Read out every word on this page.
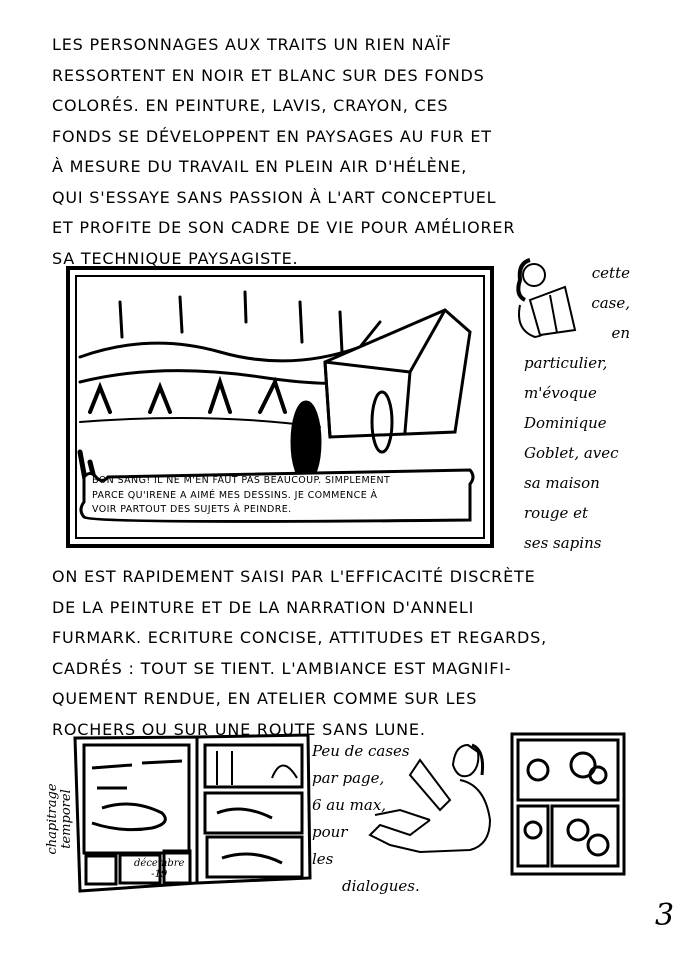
LES PERSONNAGES AUX TRAITS UN RIEN NAÏF
RESSORTENT EN NOIR ET BLANC SUR DES FONDS
COLORÉS. EN PEINTURE, LAVIS, CRAYON, CES
FONDS SE DÉVELOPPENT EN PAYSAGES AU FUR ET
À MESURE DU TRAVAIL EN PLEIN AIR D'HÉLÈNE,
QUI S'ESSAYE SANS PASSION À L'ART CONCEPTUEL
ET PROFITE DE SON CADRE DE VIE POUR AMÉLIORER
SA TECHNIQUE PAYSAGISTE.
BON SANG! IL NE M'EN FAUT PAS BEAUCOUP. SIMPLEMENT
PARCE QU'IRENE A AIMÉ MES DESSINS. JE COMMENCE À
VOIR PARTOUT DES SUJETS À PEINDRE.
cette
case,
en
particulier,
m'évoque
Dominique
Goblet, avec
sa maison
rouge et
ses sapins
ON EST RAPIDEMENT SAISI PAR L'EFFICACITÉ DISCRÈTE
DE LA PEINTURE ET DE LA NARRATION D'ANNELI
FURMARK. ECRITURE CONCISE, ATTITUDES ET REGARDS,
CADRÉS : TOUT SE TIENT. L'AMBIANCE EST MAGNIFI-
QUEMENT RENDUE, EN ATELIER COMME SUR LES
ROCHERS OU SUR UNE ROUTE SANS LUNE.
chapitrage temporel
décembre
-19
Peu de cases
par page,
6 au max,
pour
les
dialogues.
3
